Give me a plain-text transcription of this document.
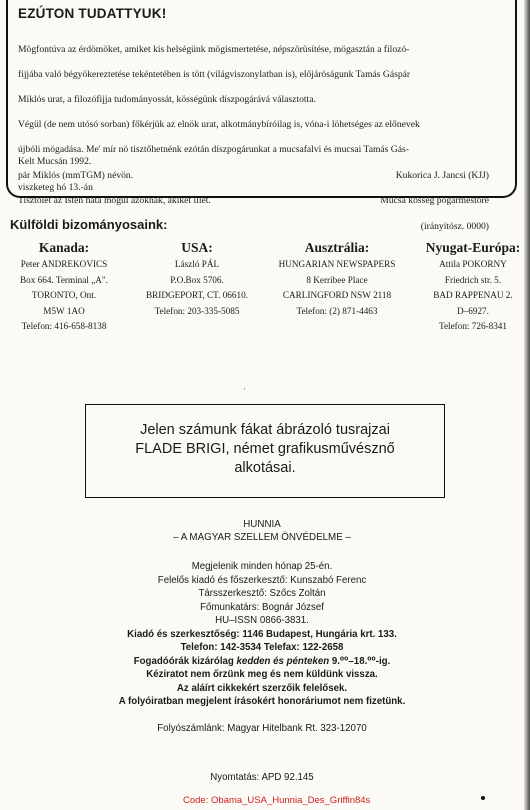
EZÚTON TUDATTYUK!

Mögfontúva az érdömöket, amiket kis helségünk mögismertetése, népszörüsítése, mögasztán a filozó-

fijjába való bégyökereztetése tekéntetében is tött (világviszonylatban is), előjáróságunk Tamás Gáspár

Miklós urat, a filozófijja tudományossát, kösségünk díszpogárává választotta.

Végül (de nem utósó sorban) főkérjük az elnök urat, alkotmánybíróilag is, vóna-i löhetséges az előnevek

újbóli mögadása. Me' mír nö tisztőhetnénk ezótán díszpogárunkat a mucsafalvi és mucsai Tamás Gás-

pár Miklós (mmTGM) névön.

Tisztölet az Isten háta mögül azoknak, akiket illet.

Kelt Mucsán 1992.

viszketeg hó 13.-án

Kukorica J. Jancsi (KJJ)

Mucsa kösség pógármestöre

(irányítósz. 0000)

Külföldi bizományosaink:
Kanada:
Peter ANDREKOVICS
Box 664. Terminal „A".
TORONTO, Ont.
M5W 1AO
Telefon: 416-658-8138
USA:
László PÁL
P.O.Box 5706.
BRIDGEPORT, CT. 06610.
Telefon: 203-335-5085
Ausztrália:
HUNGARIAN NEWSPAPERS
8 Kerribee Place
CARLINGFORD NSW 2118
Telefon: (2) 871-4463
Nyugat-Európa:
Attila POKORNY
Friedrich str. 5.
BAD RAPPENAU 2.
D–6927.
Telefon: 726-8341
'
Jelen számunk fákat ábrázoló tusrajzai
FLADE BRIGI, német grafikusművésznő
alkotásai.
HUNNIA
– A MAGYAR SZELLEM ÖNVÉDELME –
Megjelenik minden hónap 25-én.
Felelős kiadó és főszerkesztő: Kunszabó Ferenc
Társszerkesztő: Szőcs Zoltán
Főmunkatárs: Bognár József
HU–ISSN 0866-3831.
Kiadó és szerkesztőség: 1146 Budapest, Hungária krt. 133.
Telefon: 142-3534 Telefax: 122-2658
Fogadóórák kizárólag kedden és pénteken 9.⁰⁰–18.⁰⁰-ig.
Kéziratot nem őrzünk meg és nem küldünk vissza.
Az aláírt cikkekért szerzőik felelősek.
A folyóiratban megjelent írásokért honoráriumot nem fizetünk.
Folyószámlánk: Magyar Hitelbank Rt. 323-12070
Nyomtatás: APD 92.145
Code: Obama_USA_Hunnia_Des_Griffin84s
